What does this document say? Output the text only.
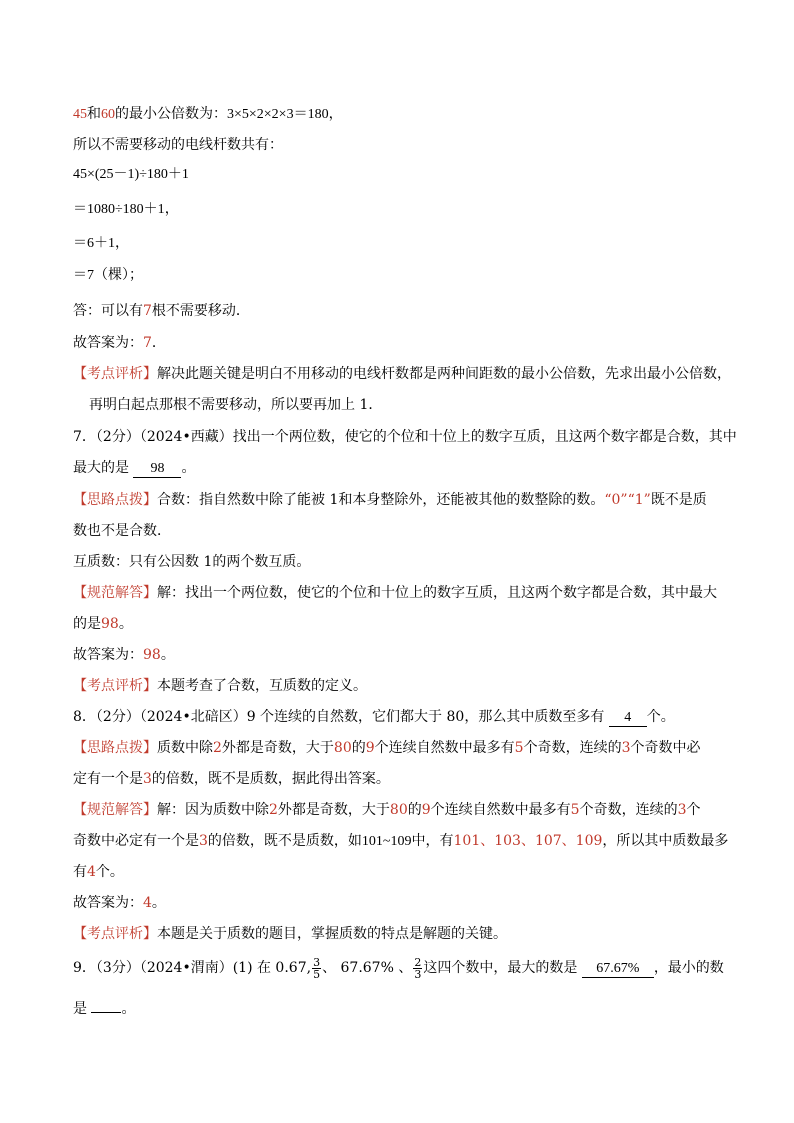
45和60的最小公倍数为：3×5×2×2×3＝180，
所以不需要移动的电线杆数共有：
45×(25－1)÷180＋1
＝1080÷180＋1，
＝6＋1，
＝7（棵）；
答：可以有7根不需要移动．
故答案为：7．
【考点评析】解决此题关键是明白不用移动的电线杆数都是两种间距数的最小公倍数，先求出最小公倍数，
再明白起点那根不需要移动，所以要再加上 1．
7．（2分）（2024•西藏）找出一个两位数，使它的个位和十位上的数字互质，且这两个数字都是合数，其中
最大的是 98 。
【思路点拨】合数：指自然数中除了能被 1和本身整除外，还能被其他的数整除的数。“0”“1”既不是质
数也不是合数．
互质数：只有公因数 1的两个数互质。
【规范解答】解：找出一个两位数，使它的个位和十位上的数字互质，且这两个数字都是合数，其中最大
的是98。
故答案为：98。
【考点评析】本题考查了合数，互质数的定义。
8．（2分）（2024•北碚区）9 个连续的自然数，它们都大于 80，那么其中质数至多有 4 个。
【思路点拨】质数中除2外都是奇数，大于80的9个连续自然数中最多有5个奇数，连续的3个奇数中必
定有一个是3的倍数，既不是质数，据此得出答案。
【规范解答】解：因为质数中除2外都是奇数，大于80的9个连续自然数中最多有5个奇数，连续的3个
奇数中必定有一个是3的倍数，既不是质数，如101~109中，有101、103、107、109，所以其中质数最多
有4个。
故答案为：4。
【考点评析】本题是关于质数的题目，掌握质数的特点是解题的关键。
9．（3分）（2024•渭南）(1) 在 0.67, $\frac{3}{5}$ 、 67.67% 、 $\frac{2}{3}$ 这四个数中，最大的数是 67.67% ，最小的数
是 。
